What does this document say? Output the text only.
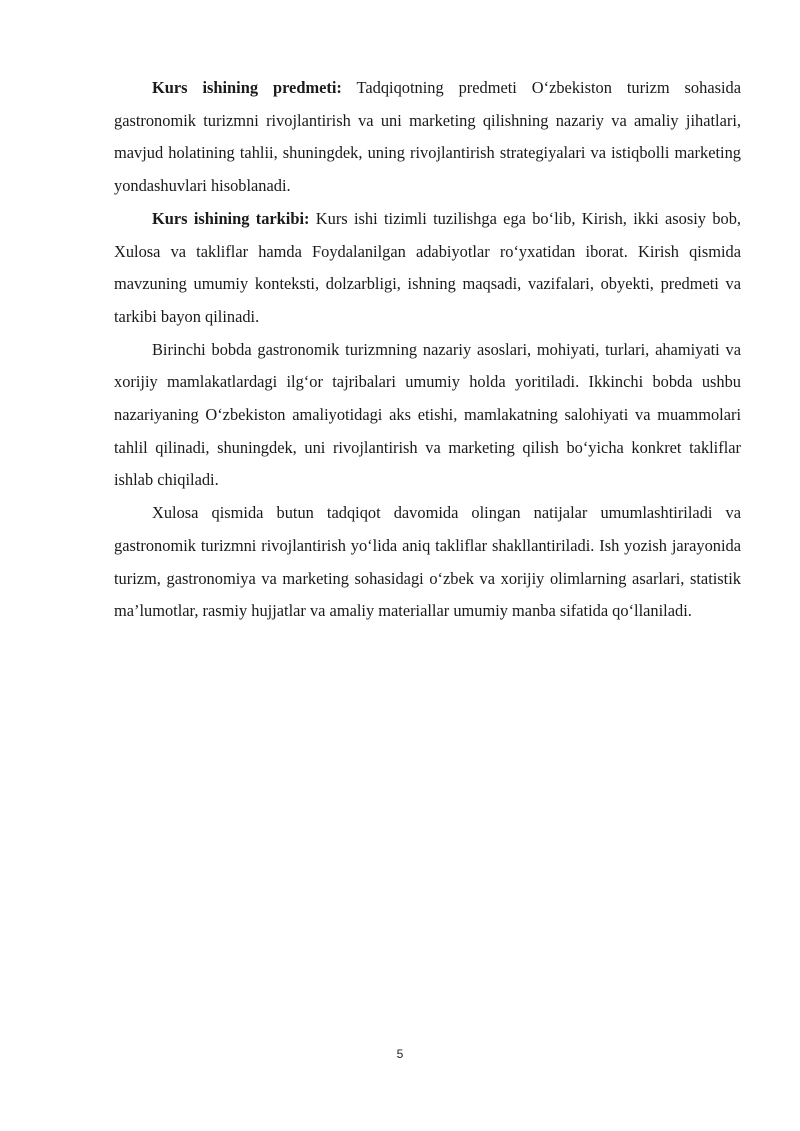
Kurs ishining predmeti: Tadqiqotning predmeti O‘zbekiston turizm sohasida gastronomik turizmni rivojlantirish va uni marketing qilishning nazariy va amaliy jihatlari, mavjud holatining tahlii, shuningdek, uning rivojlantirish strategiyalari va istiqbolli marketing yondashuvlari hisoblanadi.

Kurs ishining tarkibi: Kurs ishi tizimli tuzilishga ega bo‘lib, Kirish, ikki asosiy bob, Xulosa va takliflar hamda Foydalanilgan adabiyotlar ro‘yxatidan iborat. Kirish qismida mavzuning umumiy konteksti, dolzarbligi, ishning maqsadi, vazifalari, obyekti, predmeti va tarkibi bayon qilinadi.

Birinchi bobda gastronomik turizmning nazariy asoslari, mohiyati, turlari, ahamiyati va xorijiy mamlakatlardagi ilg‘or tajribalari umumiy holda yoritiladi. Ikkinchi bobda ushbu nazariyaning O‘zbekiston amaliyotidagi aks etishi, mamlakatning salohiyati va muammolari tahlil qilinadi, shuningdek, uni rivojlantirish va marketing qilish bo‘yicha konkret takliflar ishlab chiqiladi.

Xulosa qismida butun tadqiqot davomida olingan natijalar umumlashtiriladi va gastronomik turizmni rivojlantirish yo‘lida aniq takliflar shakllantiriladi. Ish yozish jarayonida turizm, gastronomiya va marketing sohasidagi o‘zbek va xorijiy olimlarning asarlari, statistik ma’lumotlar, rasmiy hujjatlar va amaliy materiallar umumiy manba sifatida qo‘llaniladi.

5
